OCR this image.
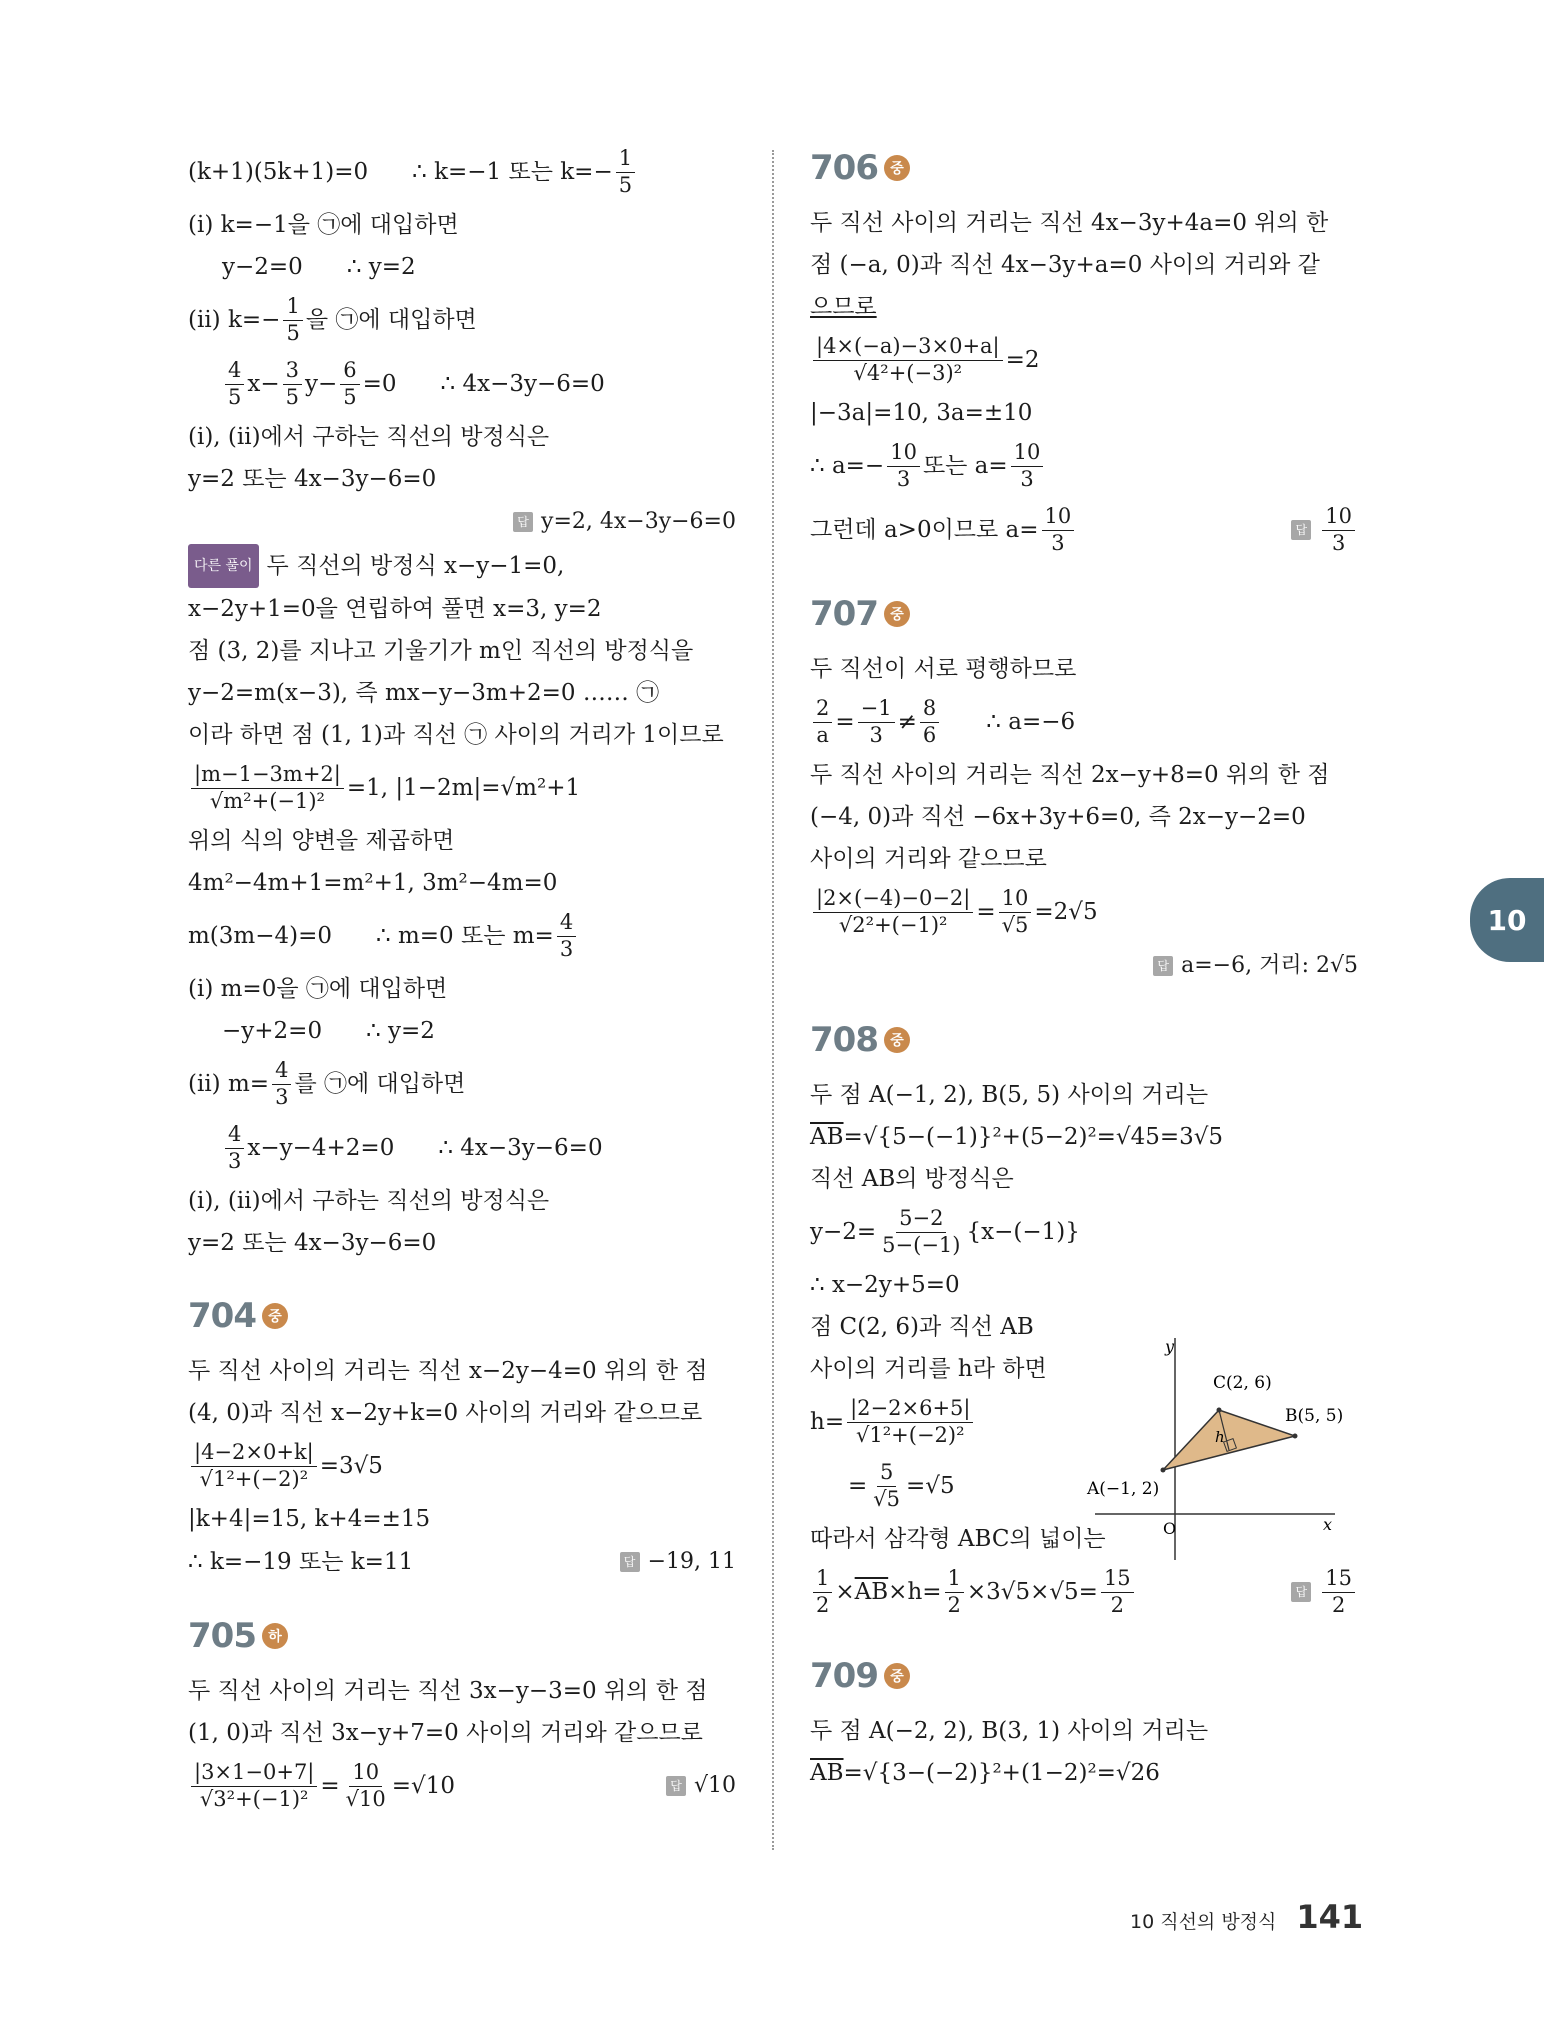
(k+1)(5k+1)=0 ∴ k=−1 또는 $k=- \frac{1}{5}$
(ⅰ) k=−1을 ㉠에 대입하면
y−2=0 ∴ y=2
(ⅱ) $k=- \frac{1}{5}$ 을 ㉠에 대입하면
$\frac{4}{5} x- \frac{3}{5} y- \frac{6}{5} =0$ ∴ 4x−3y−6=0
(ⅰ), (ⅱ)에서 구하는 직선의 방정식은
y=2 또는 4x−3y−6=0
답 y=2, 4x−3y−6=0
다른 풀이 두 직선의 방정식 x−y−1=0,
x−2y+1=0을 연립하여 풀면 x=3, y=2
점 (3, 2)를 지나고 기울기가 m인 직선의 방정식을
y−2=m(x−3), 즉 mx−y−3m+2=0 …… ㉠
이라 하면 점 (1, 1)과 직선 ㉠ 사이의 거리가 1이므로
$\frac{|m-1-3m+2|}{\text{√m²+(−1)²}} =1$, |1−2m|=√m²+1
위의 식의 양변을 제곱하면
4m²−4m+1=m²+1, 3m²−4m=0
m(3m−4)=0 ∴ m=0 또는 $m= \frac{4}{3}$
(ⅰ) m=0을 ㉠에 대입하면
−y+2=0 ∴ y=2
(ⅱ) $m= \frac{4}{3}$ 를 ㉠에 대입하면
$\frac{4}{3} x-y-4+2=0$ ∴ 4x−3y−6=0
(ⅰ), (ⅱ)에서 구하는 직선의 방정식은
y=2 또는 4x−3y−6=0
704 중
두 직선 사이의 거리는 직선 x−2y−4=0 위의 한 점
(4, 0)과 직선 x−2y+k=0 사이의 거리와 같으므로
$\frac{|4-2\times 0+k|}{\text{√1²+(−2)²}} =3√5$
|k+4|=15, k+4=±15
∴ k=−19 또는 k=11	답 −19, 11
705 하
두 직선 사이의 거리는 직선 3x−y−3=0 위의 한 점
(1, 0)과 직선 3x−y+7=0 사이의 거리와 같으므로
$\frac{|3\times 1-0+7|}{\text{√3²+(−1)²}} = \frac{10}{√10} =√10$	답 √10
706 중
두 직선 사이의 거리는 직선 4x−3y+4a=0 위의 한
점 (−a, 0)과 직선 4x−3y+a=0 사이의 거리와 같
으므로
$\frac{|4\times(-a)-3\times 0+a|}{\text{√4²+(−3)²}} =2$
|−3a|=10, 3a=±10
∴ $a=- \frac{10}{3}$ 또는 $a= \frac{10}{3}$
그런데 a>0이므로 $a= \frac{10}{3}$	답 $\frac{10}{3}$
707 중
두 직선이 서로 평행하므로
$\frac{2}{a} = \frac{-1}{3} \ne \frac{8}{6}$ ∴ a=−6
두 직선 사이의 거리는 직선 2x−y+8=0 위의 한 점
(−4, 0)과 직선 −6x+3y+6=0, 즉 2x−y−2=0
사이의 거리와 같으므로
$\frac{|2\times(-4)-0-2|}{\text{√2²+(−1)²}} = \frac{10}{√5} =2√5$
답 a=−6, 거리: 2√5
708 중
두 점 A(−1, 2), B(5, 5) 사이의 거리는
$\overline{AB} =√\{5-(-1)\}^2+(5-2)^2=√45=3√5$
직선 AB의 방정식은
$y-2= \frac{5-2}{5-(-1)} \{x-(-1)\}$
∴ x−2y+5=0
점 C(2, 6)과 직선 AB
사이의 거리를 h라 하면
$h= \frac{|2-2\times 6+5|}{\text{√1²+(−2)²}}$
= $\frac{5}{√5} =√5$
따라서 삼각형 ABC의 넓이는
$\frac{1}{2} \times \overline{AB} \times h= \frac{1}{2} \times 3√5\times√5= \frac{15}{2}$	답 $\frac{15}{2}$
709 중
두 점 A(−2, 2), B(3, 1) 사이의 거리는
$\overline{AB} =√\{3-(-2)\}^2+(1-2)^2=√26$
y
x
O
C(2, 6)
B(5, 5)
A(−1, 2)
h
10
10 직선의 방정식 141
